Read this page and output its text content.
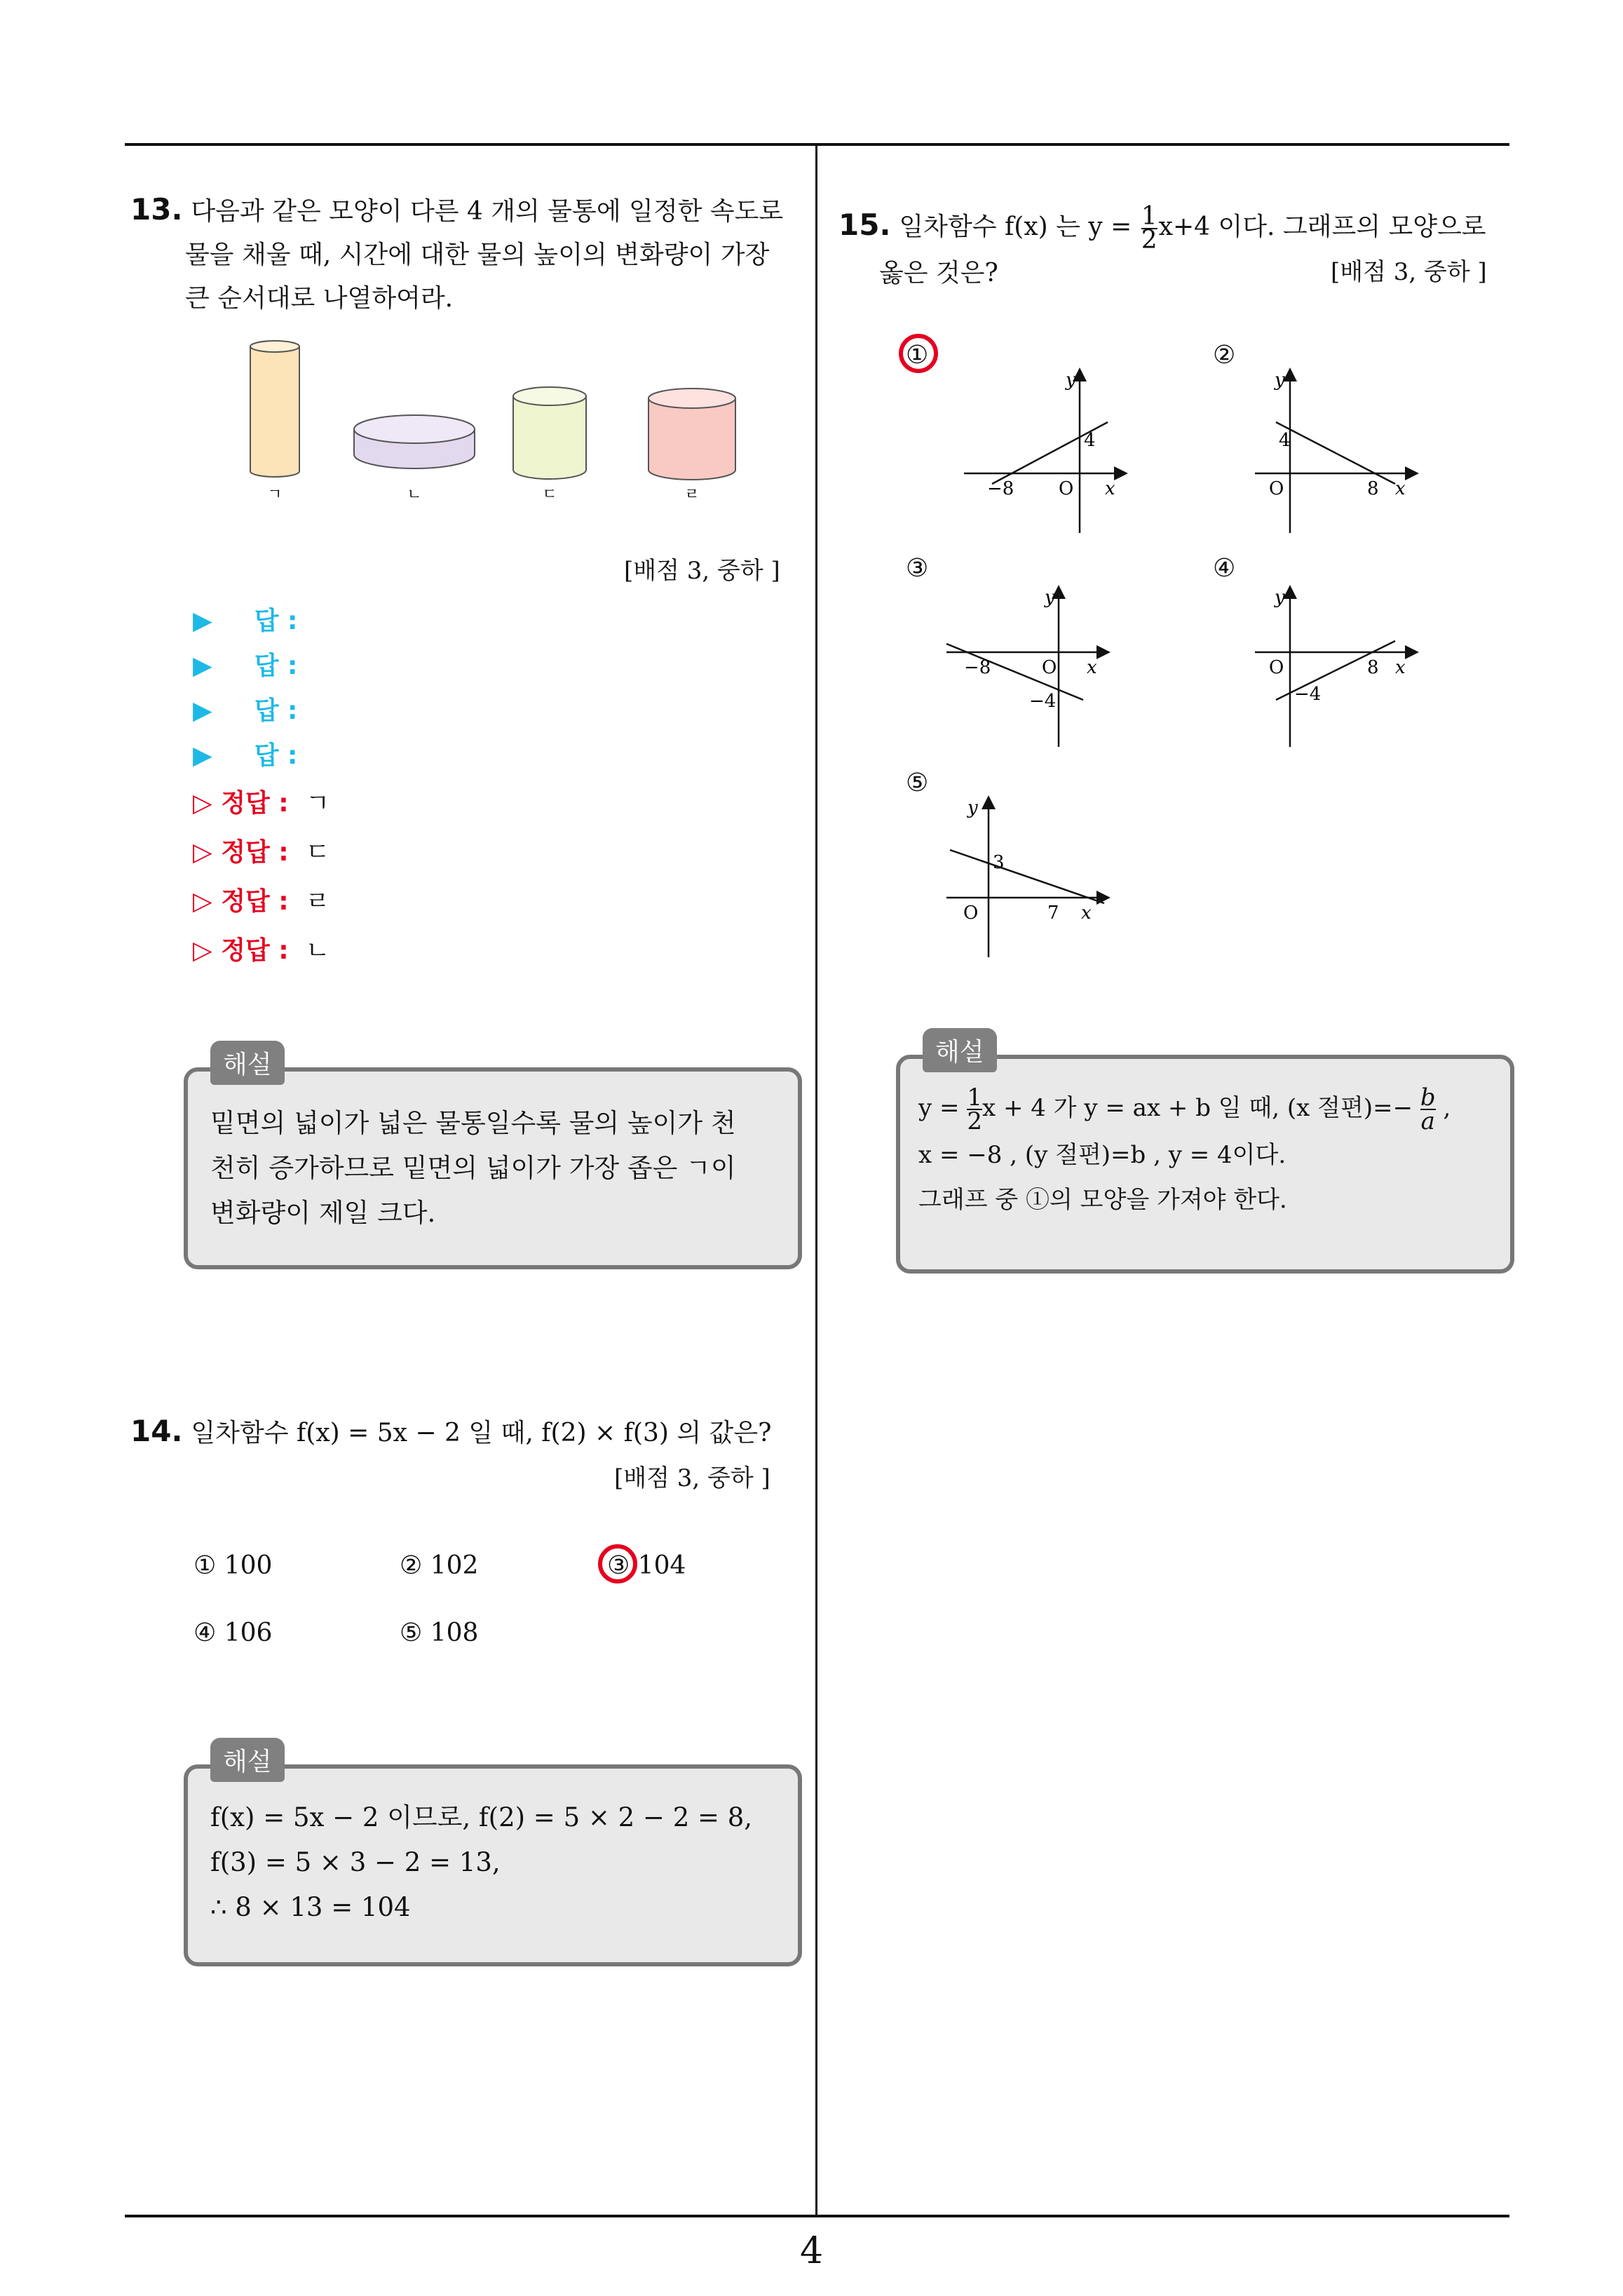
4
13. 다음과 같은 모양이 다른 4 개의 물통에 일정한 속도로
물을 채울 때, 시간에 대한 물의 높이의 변화량이 가장
큰 순서대로 나열하여라.
ㄱ	ㄴ	ㄷ	ㄹ
[배점 3, 중하 ]
▶ 답 :
▶ 답 :
▶ 답 :
▶ 답 :
▷ 정답 : ㄱ
▷ 정답 : ㄷ
▷ 정답 : ㄹ
▷ 정답 : ㄴ
해설
밑면의 넓이가 넓은 물통일수록 물의 높이가 천
천히 증가하므로 밑면의 넓이가 가장 좁은 ㄱ이
변화량이 제일 크다.
14. 일차함수 f(x) = 5x − 2 일 때, f(2) × f(3) 의 값은?
[배점 3, 중하 ]
① 100	② 102	③ 104
④ 106	⑤ 108
해설
f(x) = 5x − 2 이므로, f(2) = 5 × 2 − 2 = 8,
f(3) = 5 × 3 − 2 = 13,
∴ 8 × 13 = 104
15. 일차함수 f(x) 는 $y = \frac{1}{2} x+4$ 이다. 그래프의 모양으로
옳은 것은?	[배점 3, 중하 ]
①	②
③	④
⑤
y
4
−8 O x
y
4
O	8 x
y
−8	O x
−4
y
O	8 x
−4
y
3
O	7 x
해설
$y = \frac{1}{2}$ x + 4 가 y = ax + b 일 때, (x 절편)=− $\frac{b}{a}$ ,
x = −8 , (y 절편)=b , y = 4이다.
그래프 중 ①의 모양을 가져야 한다.
